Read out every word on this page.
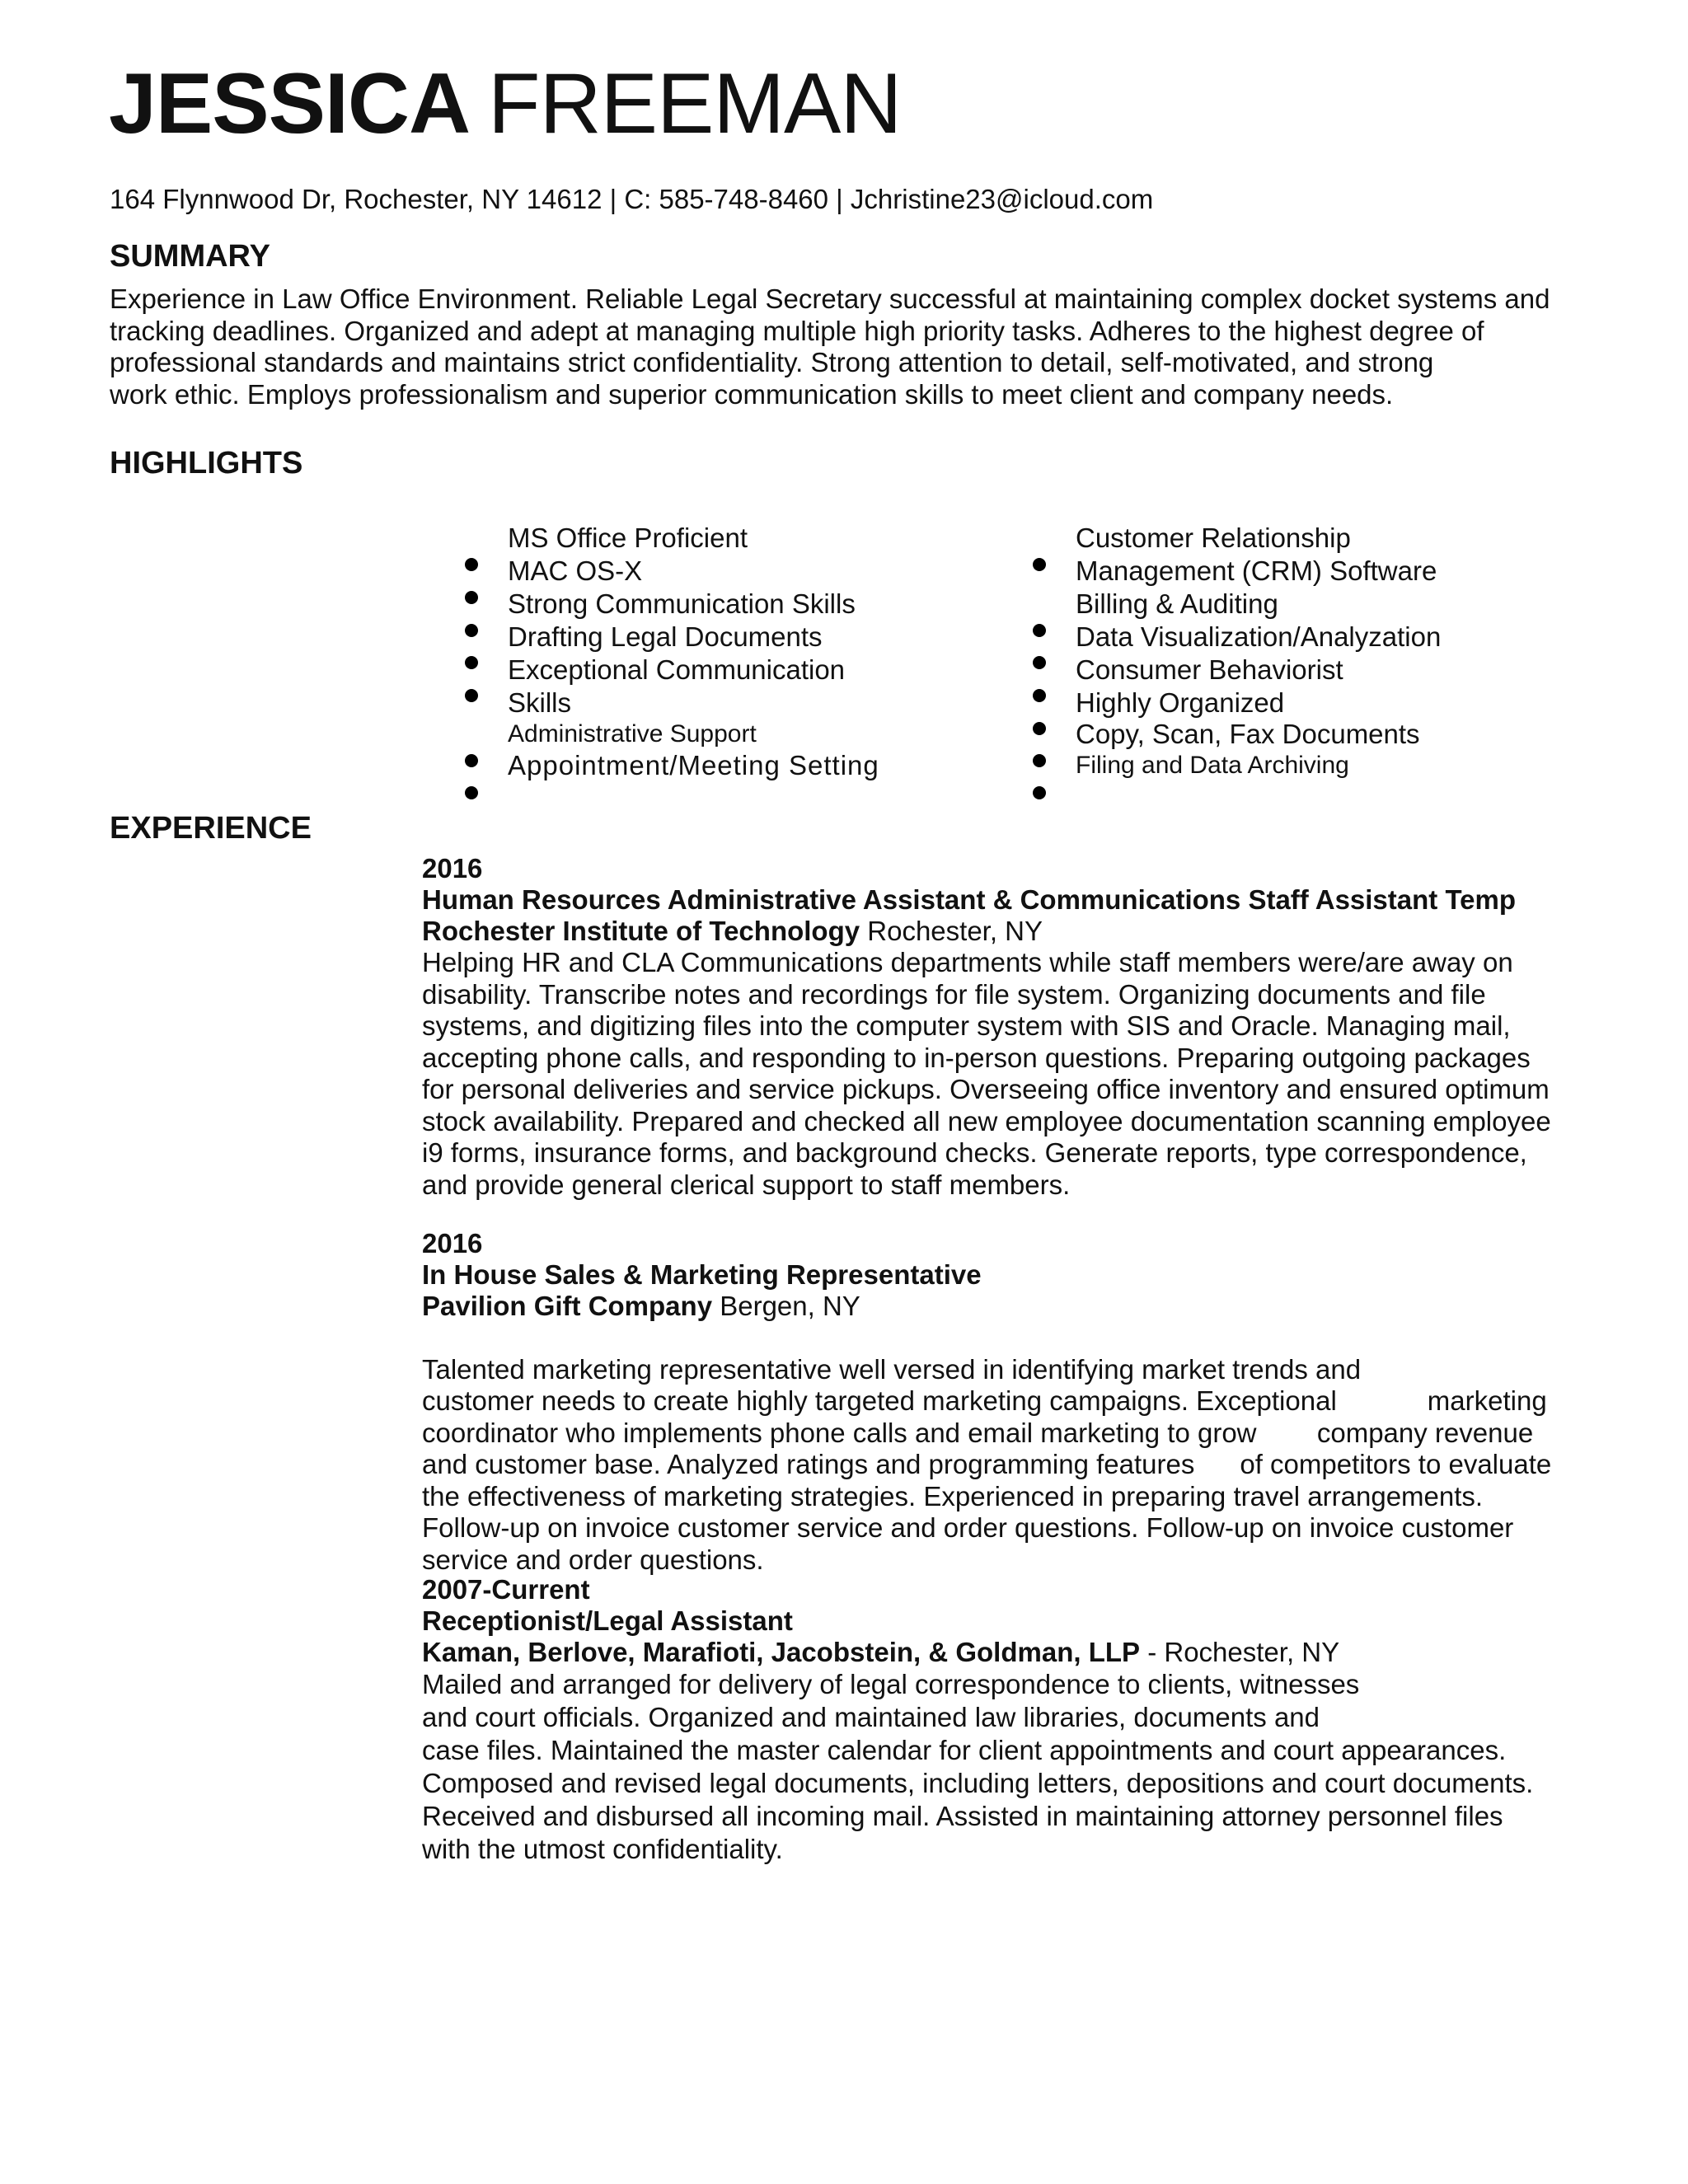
JESSICA FREEMAN
164 Flynnwood Dr, Rochester, NY 14612 | C: 585-748-8460 | Jchristine23@icloud.com
SUMMARY
Experience in Law Office Environment. Reliable Legal Secretary successful at maintaining complex docket systems and
tracking deadlines. Organized and adept at managing multiple high priority tasks. Adheres to the highest degree of
professional standards and maintains strict confidentiality. Strong attention to detail, self-motivated, and strong
work ethic. Employs professionalism and superior communication skills to meet client and company needs.
HIGHLIGHTS
MS Office Proficient
MAC OS-X
Strong Communication Skills
Drafting Legal Documents
Exceptional Communication
Skills
Administrative Support
Appointment/Meeting Setting
Customer Relationship
Management (CRM) Software
Billing & Auditing
Data Visualization/Analyzation
Consumer Behaviorist
Highly Organized
Copy, Scan, Fax Documents
Filing and Data Archiving
EXPERIENCE
2016
Human Resources Administrative Assistant & Communications Staff Assistant Temp
Rochester Institute of Technology Rochester, NY
Helping HR and CLA Communications departments while staff members were/are away on
disability. Transcribe notes and recordings for file system. Organizing documents and file
systems, and digitizing files into the computer system with SIS and Oracle. Managing mail,
accepting phone calls, and responding to in-person questions. Preparing outgoing packages
for personal deliveries and service pickups. Overseeing office inventory and ensured optimum
stock availability. Prepared and checked all new employee documentation scanning employee
i9 forms, insurance forms, and background checks. Generate reports, type correspondence,
and provide general clerical support to staff members.
2016
In House Sales & Marketing Representative
Pavilion Gift Company Bergen, NY

Talented marketing representative well versed in identifying market trends and
customer needs to create highly targeted marketing campaigns. Exceptional            marketing
coordinator who implements phone calls and email marketing to grow        company revenue
and customer base. Analyzed ratings and programming features      of competitors to evaluate
the effectiveness of marketing strategies. Experienced in preparing travel arrangements.
Follow-up on invoice customer service and order questions. Follow-up on invoice customer
service and order questions.

2007-Current
Receptionist/Legal Assistant
Kaman, Berlove, Marafioti, Jacobstein, & Goldman, LLP - Rochester, NY
Mailed and arranged for delivery of legal correspondence to clients, witnesses
and court officials. Organized and maintained law libraries, documents and
case files. Maintained the master calendar for client appointments and court appearances.
Composed and revised legal documents, including letters, depositions and court documents.
Received and disbursed all incoming mail. Assisted in maintaining attorney personnel files
with the utmost confidentiality.
